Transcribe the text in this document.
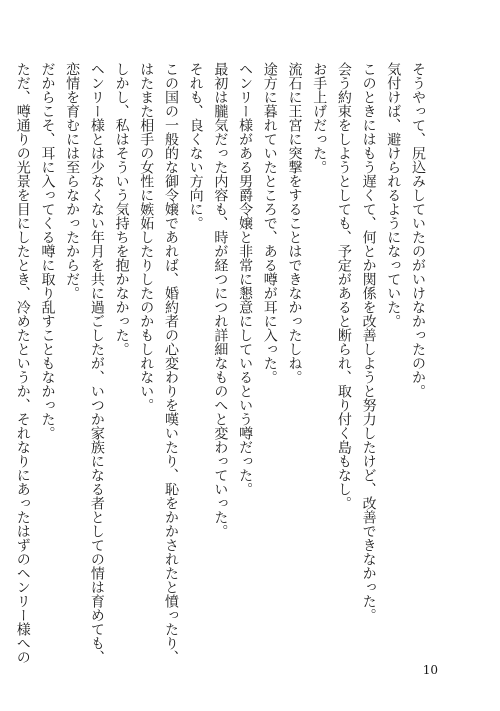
そうやって、尻込みしていたのがいけなかったのか。
気付けば、避けられるようになっていた。
このときにはもう遅くて、何とか関係を改善しようと努力したけど、改善できなかった。
会う約束をしようとしても、予定があると断られ、取り付く島もなし。
お手上げだった。
流石に王宮に突撃をすることはできなかったしね。
途方に暮れていたところで、ある噂が耳に入った。
ヘンリー様がある男爵令嬢と非常に懇意にしているという噂だった。
最初は朧気だった内容も、時が経つにつれ詳細なものへと変わっていった。
それも、良くない方向に。
この国の一般的な御令嬢であれば、婚約者の心変わりを嘆いたり、恥をかかされたと憤ったり、
はたまた相手の女性に嫉妬したりしたのかもしれない。
しかし、私はそういう気持ちを抱かなかった。
ヘンリー様とは少なくない年月を共に過ごしたが、いつか家族になる者としての情は育めても、
恋情を育むには至らなかったからだ。
だからこそ、耳に入ってくる噂に取り乱すこともなかった。
ただ、噂通りの光景を目にしたとき、冷めたというか、それなりにあったはずのヘンリー様への
10
